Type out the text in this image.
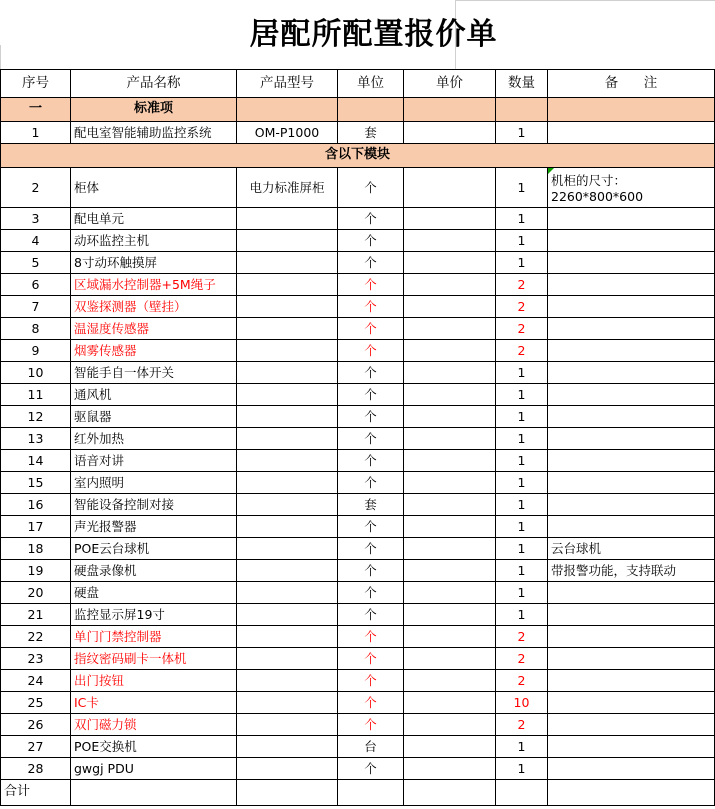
居配所配置报价单
序号	产品名称	产品型号	单位	单价	数量	备　注
一	标准项					
1	配电室智能辅助监控系统	OM-P1000	套		1	
含以下模块						
2	柜体	电力标准屏柜	个		1	机柜的尺寸：
2260*800*600

3	配电单元		个		1	
4	动环监控主机		个		1	
5	8寸动环触摸屏		个		1	
6	区域漏水控制器+5M绳子		个		2	
7	双鉴探测器（壁挂）		个		2	
8	温湿度传感器		个		2	
9	烟雾传感器		个		2	
10	智能手自一体开关		个		1	
11	通风机		个		1	
12	驱鼠器		个		1	
13	红外加热		个		1	
14	语音对讲		个		1	
15	室内照明		个		1	
16	智能设备控制对接		套		1	
17	声光报警器		个		1	
18	POE云台球机		个		1	云台球机

19	硬盘录像机		个		1	带报警功能，支持联动

20	硬盘		个		1	
21	监控显示屏19寸		个		1	
22	单门门禁控制器		个		2	
23	指纹密码刷卡一体机		个		2	
24	出门按钮		个		2	
25	IC卡		个		10	
26	双门磁力锁		个		2	
27	POE交换机		台		1	
28	gwgj PDU		个		1	
合计						
